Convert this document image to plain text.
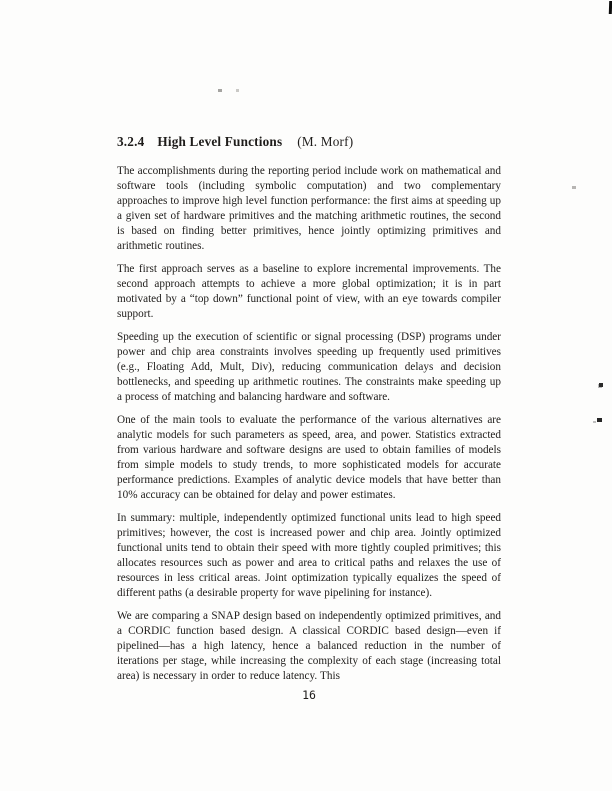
3.2.4 High Level Functions (M. Morf)

The accomplishments during the reporting period include work on mathematical and software tools (including symbolic computation) and two complementary approaches to improve high level function performance: the first aims at speeding up a given set of hardware primitives and the matching arithmetic routines, the second is based on finding better primitives, hence jointly optimizing primitives and arithmetic routines.

The first approach serves as a baseline to explore incremental improvements. The second approach attempts to achieve a more global optimization; it is in part motivated by a “top down” functional point of view, with an eye towards compiler support.

Speeding up the execution of scientific or signal processing (DSP) programs under power and chip area constraints involves speeding up frequently used primitives (e.g., Floating Add, Mult, Div), reducing communication delays and decision bottlenecks, and speeding up arithmetic routines. The constraints make speeding up a process of matching and balancing hardware and software.

One of the main tools to evaluate the performance of the various alternatives are analytic models for such parameters as speed, area, and power. Statistics extracted from various hardware and software designs are used to obtain families of models from simple models to study trends, to more sophisticated models for accurate performance predictions. Examples of analytic device models that have better than 10% accuracy can be obtained for delay and power estimates.

In summary: multiple, independently optimized functional units lead to high speed primitives; however, the cost is increased power and chip area. Jointly optimized functional units tend to obtain their speed with more tightly coupled primitives; this allocates resources such as power and area to critical paths and relaxes the use of resources in less critical areas. Joint optimization typically equalizes the speed of different paths (a desirable property for wave pipelining for instance).

We are comparing a SNAP design based on independently optimized primitives, and a CORDIC function based design. A classical CORDIC based design—even if pipelined—has a high latency, hence a balanced reduction in the number of iterations per stage, while increasing the complexity of each stage (increasing total area) is necessary in order to reduce latency. This

16
